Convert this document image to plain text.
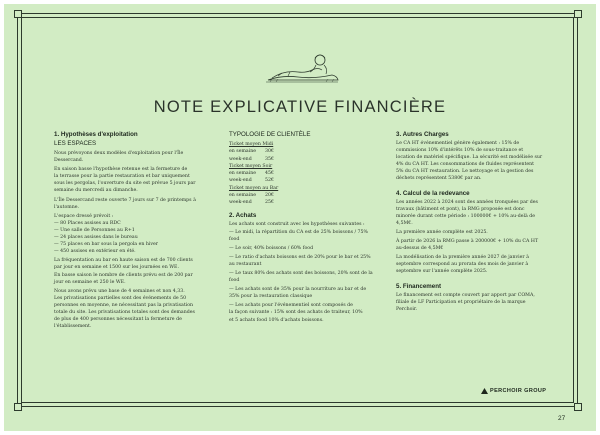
NOTE EXPLICATIVE FINANCIÈRE
1. Hypothèses d'exploitation
LES ESPACES
Nous prévoyons deux modèles d'exploitation pour l'Île
Dessercand.
En saison basse l'hypothèse retenue est la fermeture de
la terrasse pour la partie restauration et bar uniquement
sous les pergolas, l'ouverture du site est prévue 5 jours par
semaine du mercredi au dimanche.
L'Île Dessercand reste ouverte 7 jours sur 7 de printemps à
l'automne.
L'espace dressé prévoit :
— 80 Places assises au RDC
— Une salle de Personnes au R+1
— 24 places assises dans le bureau
— 75 places en bar sous la pergola en hiver
— 450 assises en extérieur en été.
La fréquentation au bar en haute saison est de 700 clients
par jour en semaine et 1500 sur les journées en WE.
En basse saison le nombre de clients prévu est de 200 par
jour en semaine et 250 le WE.
Nous avons prévu une base de 4 semaines et non 4,33.
Les privatisations partielles sont des événements de 50
personnes en moyenne, ne nécessitant pas la privatisation
totale du site. Les privatisations totales sont des demandes
de plus de 400 personnes nécessitant la fermeture de
l'établissement.
TYPOLOGIE DE CLIENTÈLE
Ticket moyen Midi
en semaine	30€
week-end	35€
Ticket moyen Soir
en semaine	45€
week-end	52€
Ticket moyen au Bar
en semaine	20€
week-end	25€
2. Achats
Les achats sont construit avec les hypothèses suivantes :
— Le midi, la répartition du CA est de 25% boissons / 75%
food
— Le soir, 40% boissons / 60% food
— Le ratio d'achats boissons est de 20% pour le bar et 25%
au restaurant
— Le taux 80% des achats sont des boissons, 20% sont de la
food
— Les achats sont de 35% pour la nourriture au bar et de
35% pour la restauration classique
— Les achats pour l'événementiel sont composés de
la façon suivante : 15% sont des achats de traiteur, 10%
et 5 achats food 10% d'achats boissons.
3. Autres Charges
Le CA HT événementiel génère également : 15% de
commissions 10% d'intérêts 10% de sous-traitance et
location de matériel spécifique. La sécurité est modélisée sur
4% du CA HT. Les consommations de fluides représentent
5% du CA HT restauration. Le nettoyage et la gestion des
déchets représentent 5380€ par an.
4. Calcul de la redevance
Les années 2022 à 2024 sont des années tronquées par des
travaux (bâtiment et pont), la RMG proposée est donc
minorée durant cette période : 100000€ + 10% au-delà de
4,5M€.
La première année complète est 2025.
À partir de 2026 la RMG passe à 200000€ + 10% du CA HT
au-dessus de 4,5M€
La modélisation de la première année 2027 de janvier à
septembre correspond au prorata des mois de janvier à
septembre sur l'année complète 2025.
5. Financement
Le financement est compte couvert par apport par COMA,
filiale de LF Participation et propriétaire de la marque
Perchoir.
PERCHOIR GROUP
27
